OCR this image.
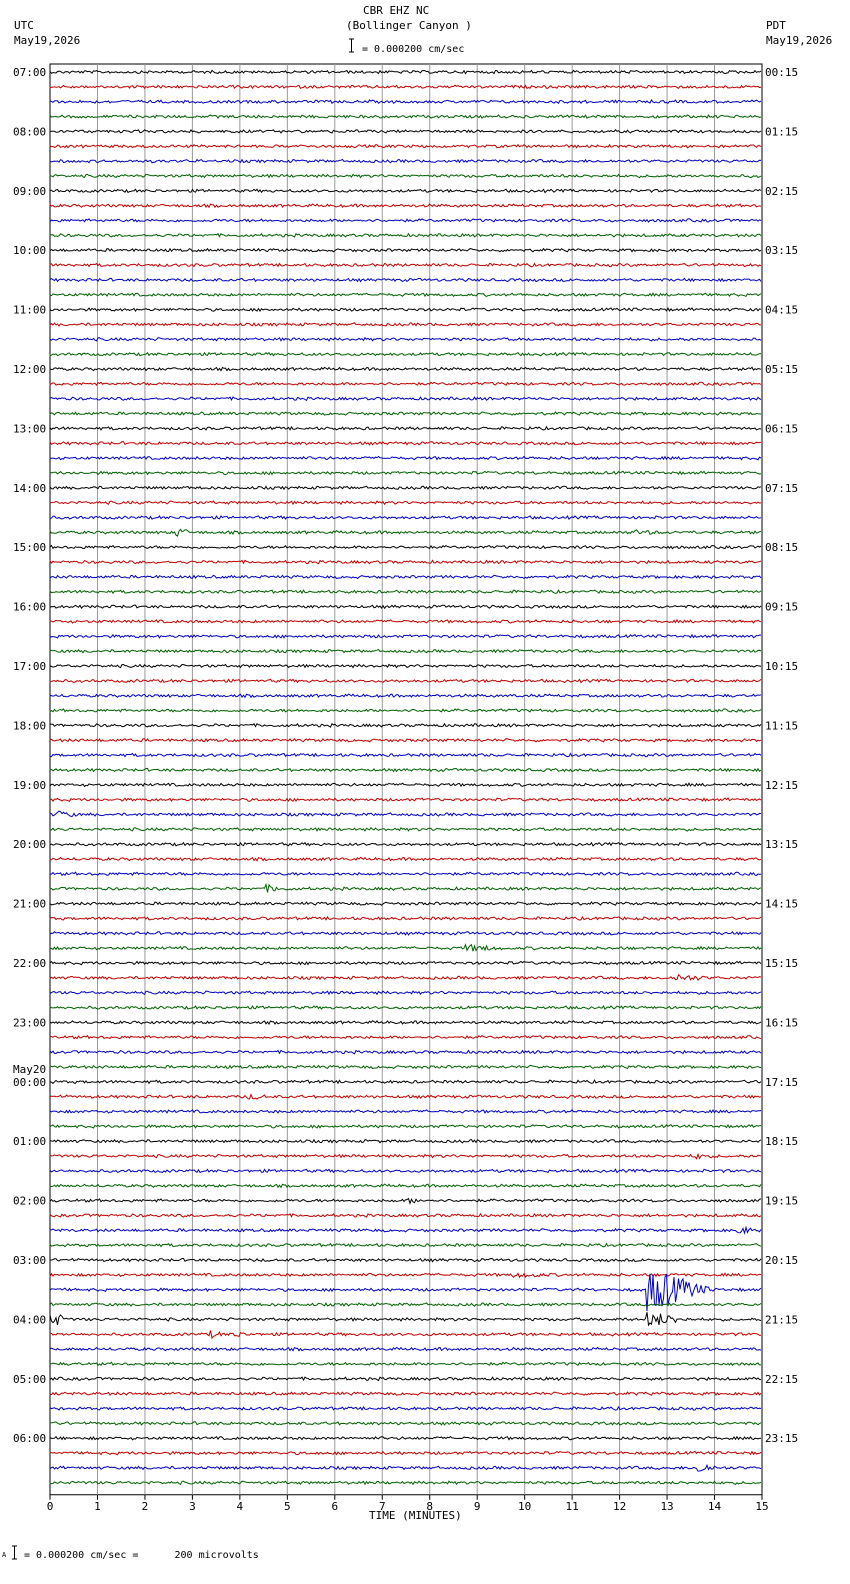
CBR EHZ NC
(Bollinger Canyon )
UTC
May19,2026
PDT
May19,2026
= 0.000200 cm/sec
07:00
08:00
09:00
10:00
11:00
12:00
13:00
14:00
15:00
16:00
17:00
18:00
19:00
20:00
21:00
22:00
23:00
00:00
May20
01:00
02:00
03:00
04:00
05:00
06:00
00:15
01:15
02:15
03:15
04:15
05:15
06:15
07:15
08:15
09:15
10:15
11:15
12:15
13:15
14:15
15:15
16:15
17:15
18:15
19:15
20:15
21:15
22:15
23:15
0	1	2	3	4	5	6	7	8	9	10	11	12	13	14	15
TIME (MINUTES)
A = 0.000200 cm/sec =      200 microvolts
